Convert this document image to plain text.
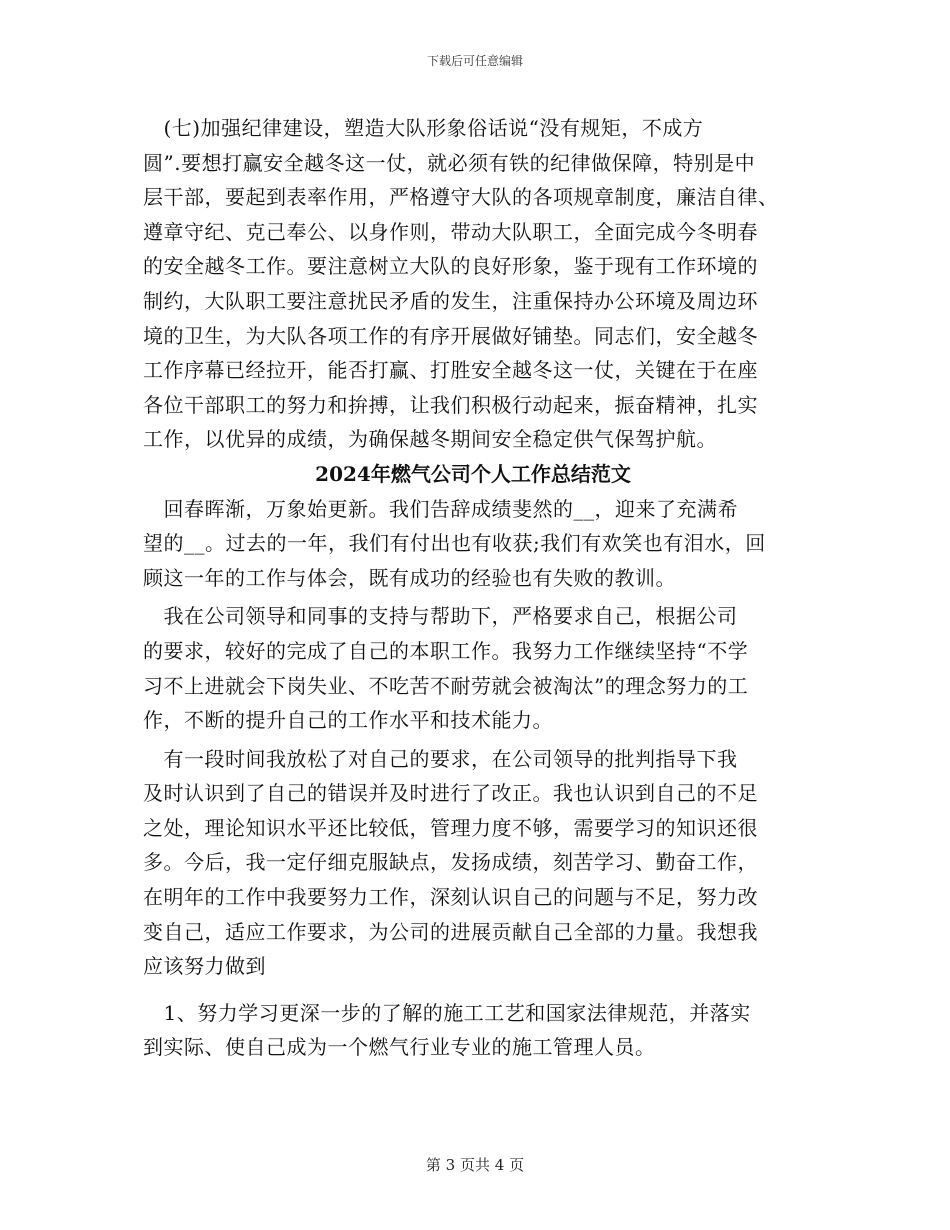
下载后可任意编辑
　(七)加强纪律建设，塑造大队形象俗话说“没有规矩，不成方
圆”.要想打赢安全越冬这一仗，就必须有铁的纪律做保障，特别是中
层干部，要起到表率作用，严格遵守大队的各项规章制度，廉洁自律、
遵章守纪、克己奉公、以身作则，带动大队职工，全面完成今冬明春
的安全越冬工作。要注意树立大队的良好形象，鉴于现有工作环境的
制约，大队职工要注意扰民矛盾的发生，注重保持办公环境及周边环
境的卫生，为大队各项工作的有序开展做好铺垫。同志们，安全越冬
工作序幕已经拉开，能否打赢、打胜安全越冬这一仗，关键在于在座
各位干部职工的努力和拚搏，让我们积极行动起来，振奋精神，扎实
工作，以优异的成绩，为确保越冬期间安全稳定供气保驾护航。
2024年燃气公司个人工作总结范文
　回春晖渐，万象始更新。我们告辞成绩斐然的__，迎来了充满希
望的__。过去的一年，我们有付出也有收获;我们有欢笑也有泪水，回
顾这一年的工作与体会，既有成功的经验也有失败的教训。
　我在公司领导和同事的支持与帮助下，严格要求自己，根据公司
的要求，较好的完成了自己的本职工作。我努力工作继续坚持“不学
习不上进就会下岗失业、不吃苦不耐劳就会被淘汰”的理念努力的工
作，不断的提升自己的工作水平和技术能力。
　有一段时间我放松了对自己的要求，在公司领导的批判指导下我
及时认识到了自己的错误并及时进行了改正。我也认识到自己的不足
之处，理论知识水平还比较低，管理力度不够，需要学习的知识还很
多。今后，我一定仔细克服缺点，发扬成绩，刻苦学习、勤奋工作，
在明年的工作中我要努力工作，深刻认识自己的问题与不足，努力改
变自己，适应工作要求，为公司的进展贡献自己全部的力量。我想我
应该努力做到
　1、努力学习更深一步的了解的施工工艺和国家法律规范，并落实
到实际、使自己成为一个燃气行业专业的施工管理人员。
第 3 页共 4 页
